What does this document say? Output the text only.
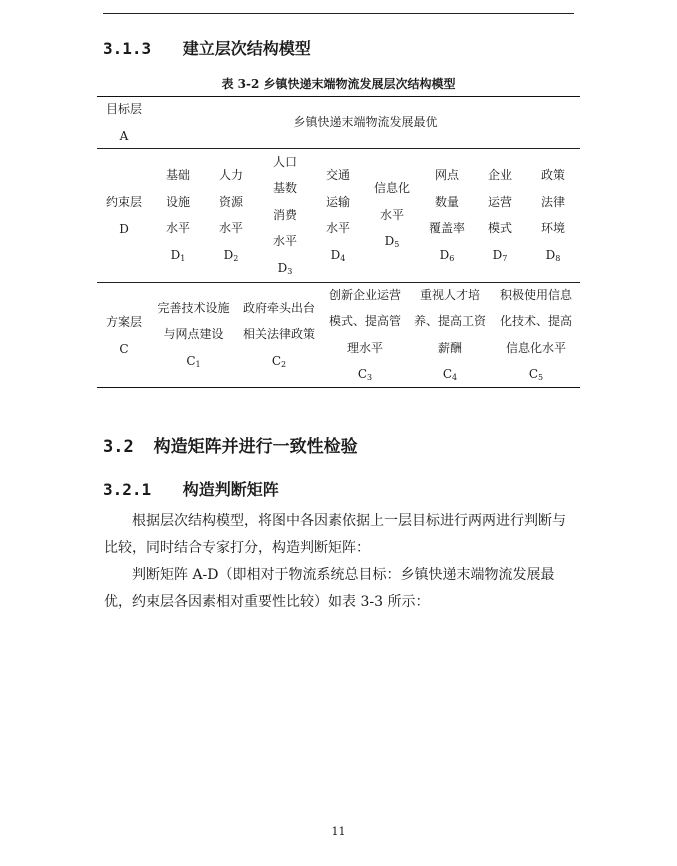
3.1.3 建立层次结构模型
表 3-2 乡镇快递末端物流发展层次结构模型
目标层
A
乡镇快递末端物流发展最优
约束层
D
基础
设施
水平
$D_1$
人力
资源
水平
$D_2$
人口
基数
消费
水平
$D_3$
交通
运输
水平
$D_4$
信息化
水平
$D_5$
网点
数量
覆盖率
$D_6$
企业
运营
模式
$D_7$
政策
法律
环境
$D_8$
方案层
C
完善技术设施
与网点建设
$C_1$
政府牵头出台
相关法律政策
$C_2$
创新企业运营
模式、提高管
理水平
$C_3$
重视人才培
养、提高工资
薪酬
$C_4$
积极使用信息
化技术、提高
信息化水平
$C_5$
3.2 构造矩阵并进行一致性检验
3.2.1 构造判断矩阵

根据层次结构模型，将图中各因素依据上一层目标进行两两进行判断与比较，同时结合专家打分，构造判断矩阵：

判断矩阵 A-D（即相对于物流系统总目标：乡镇快递末端物流发展最优，约束层各因素相对重要性比较）如表 3-3 所示：

11
